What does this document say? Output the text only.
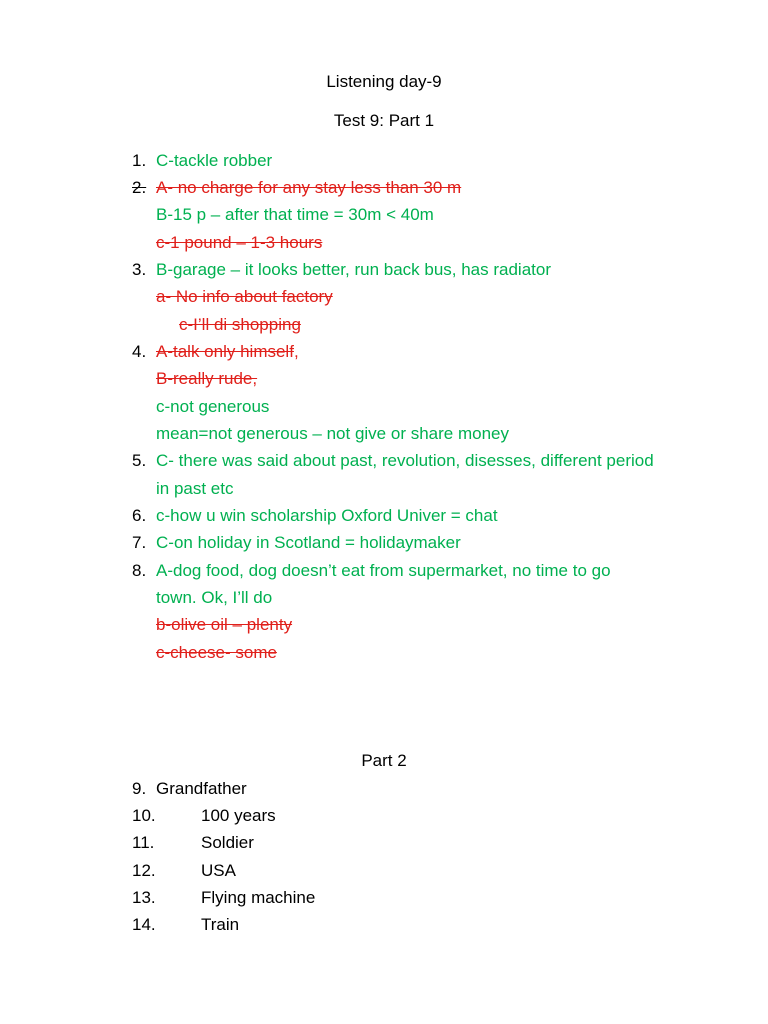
Listening day-9
Test 9: Part 1
1. C-tackle robber
2. A- no charge for any stay less than 30 m
B-15 p – after that time = 30m < 40m
c-1 pound – 1-3 hours
3. B-garage – it looks better, run back bus, has radiator
a- No info about factory
c-I’ll di shopping
4. A-talk only himself,
B-really rude,
c-not generous
mean=not generous – not give or share money
5. C- there was said about past, revolution, disesses, different period
in past etc
6. c-how u win scholarship Oxford Univer = chat
7. C-on holiday in Scotland = holidaymaker
8. A-dog food, dog doesn’t eat from supermarket, no time to go
town. Ok, I’ll do
b-olive oil – plenty
c-cheese- some
Part 2
9. Grandfather
10.	100 years
11.	Soldier
12.	USA
13.	Flying machine
14.	Train
